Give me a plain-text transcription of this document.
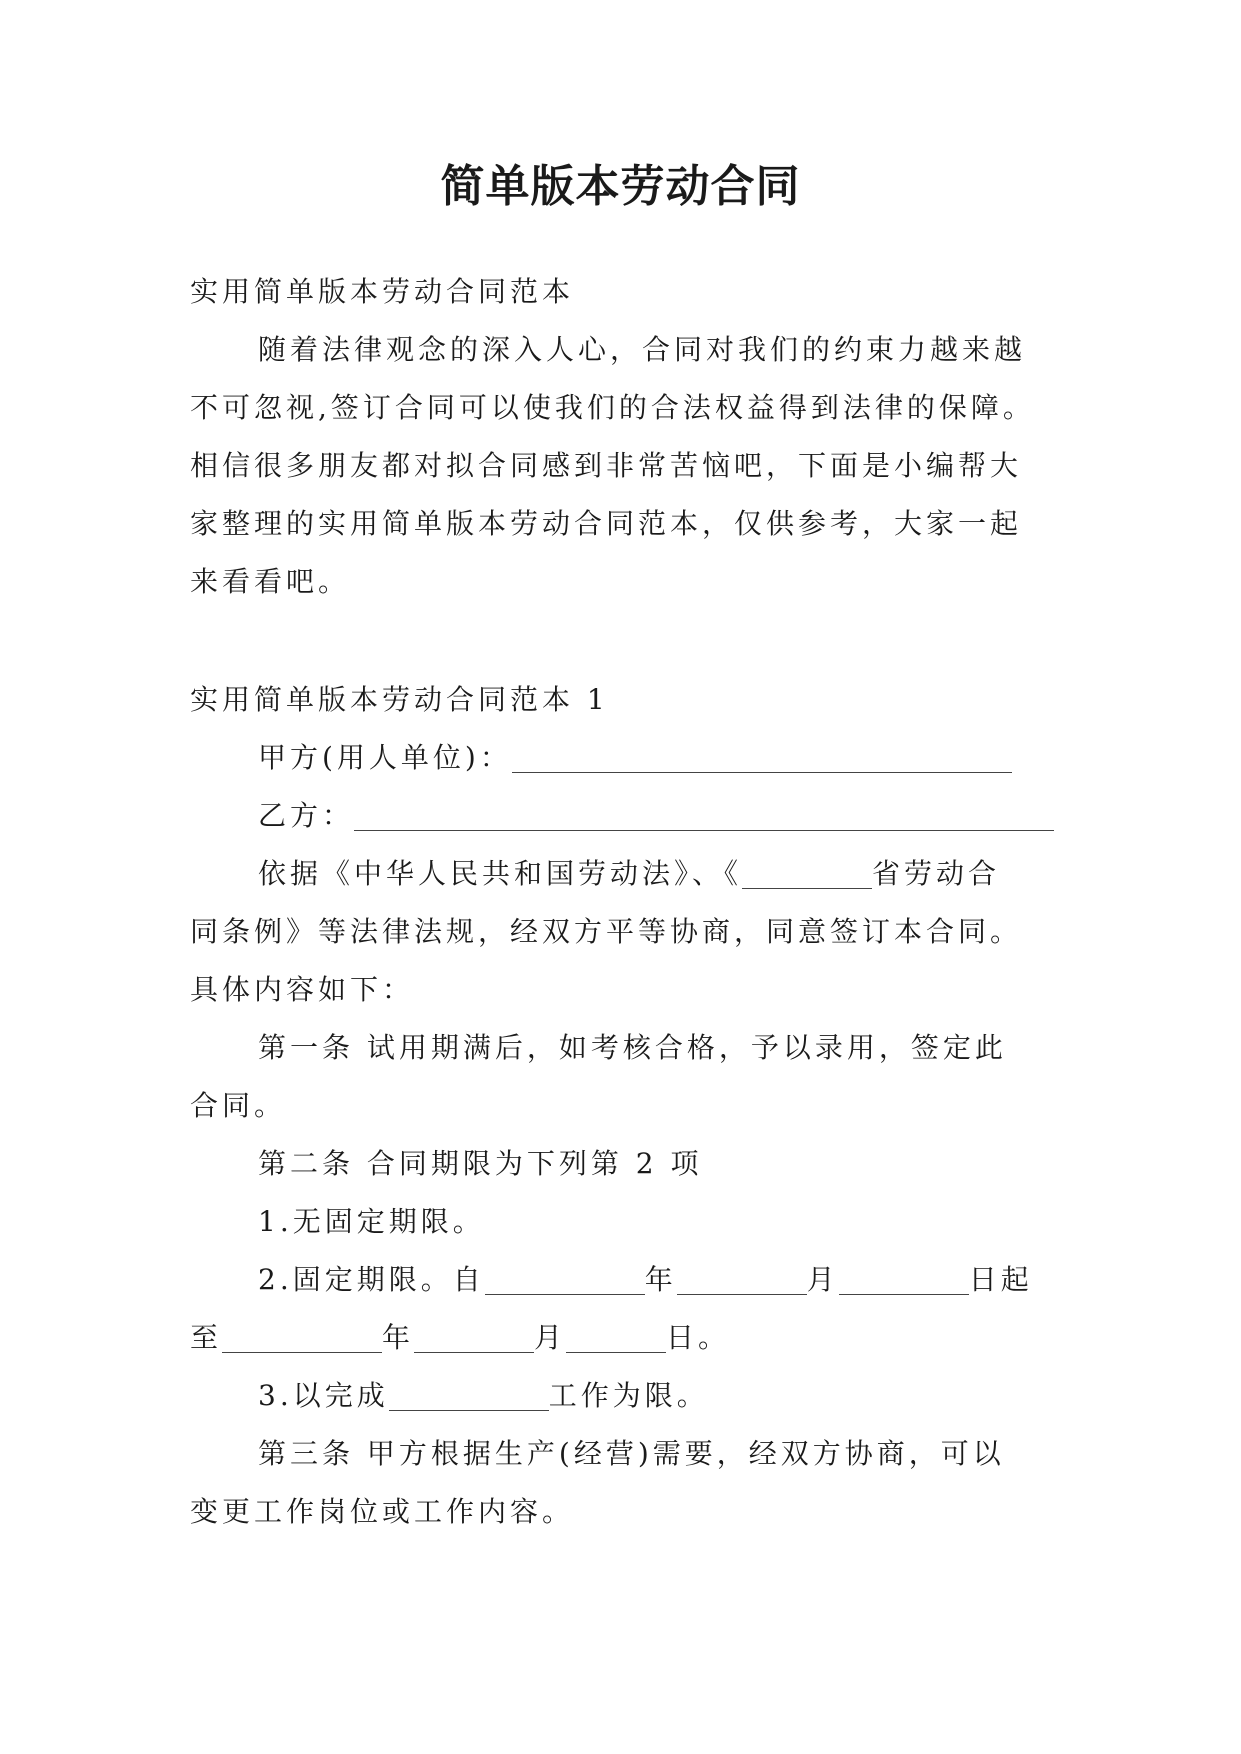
简单版本劳动合同

实用简单版本劳动合同范本

随着法律观念的深入人心，合同对我们的约束力越来越

不可忽视,签订合同可以使我们的合法权益得到法律的保障。

相信很多朋友都对拟合同感到非常苦恼吧，下面是小编帮大

家整理的实用简单版本劳动合同范本，仅供参考，大家一起

来看看吧。

实用简单版本劳动合同范本 1

甲方(用人单位)：

乙方：

依据《中华人民共和国劳动法》、《	省劳动合

同条例》等法律法规，经双方平等协商，同意签订本合同。

具体内容如下：

第一条 试用期满后，如考核合格，予以录用，签定此

合同。

第二条 合同期限为下列第 2 项

1.无固定期限。

2.固定期限。自	年	月	日起

至	年	月	日。

3.以完成	工作为限。

第三条 甲方根据生产(经营)需要，经双方协商，可以

变更工作岗位或工作内容。
